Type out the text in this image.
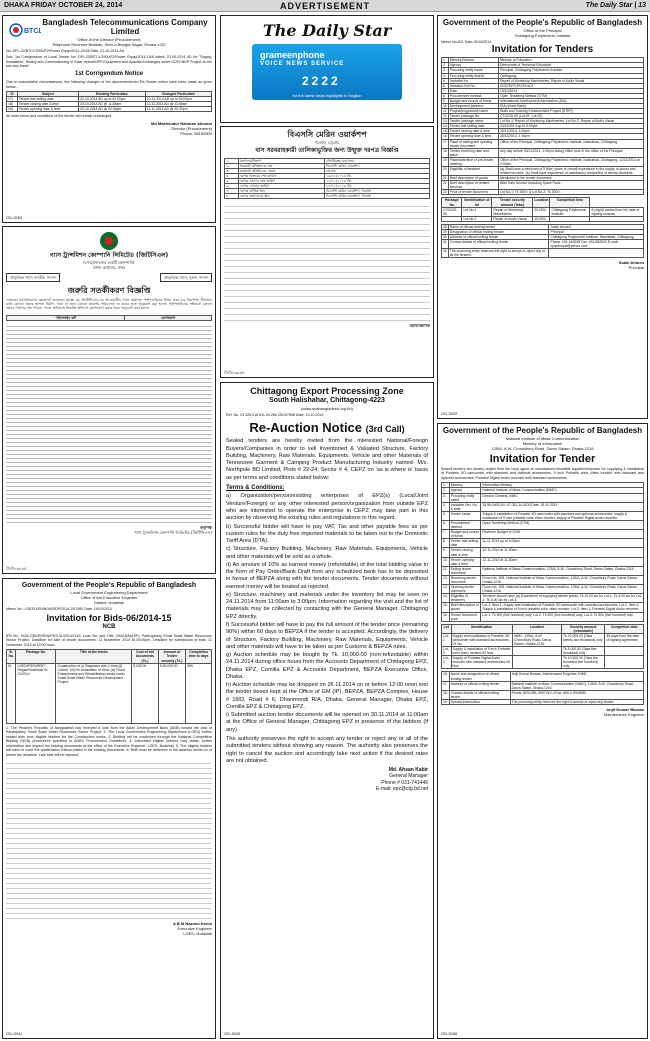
DHAKA FRIDAY OCTOBER 24, 2014	ADVERTISEMENT	The Daily Star | 13
BTCL
Bangladesh Telecommunications Company Limited
Office of the Director (Procurement)
Telephone Revenue Bhaban, Sher-e-Bangla Nagar, Dhaka-1207
No: DPL-02/BTCL/290UFZ/Power Equip/2014-15/34 Date: 21-10-2014 AD
Sub: 1st Corrigendum of Local Tender No: DPL-02/BTCL/290UFZ/Power Equip/2014-15/8 dated: 23-09-2014 AD for "Supply, Installation, Testing and Commissioning of Solar Hybrid/UPS Equipment and Upazilla Exchanges under UOFCNDP Project on full turn-key basis".
1st Corrigendum Notice
Due to unavoidable circumstances, the following changes of the abovementioned Re-Tender notice have been made as given below:-
Sl	Subject	Existing Particulars	Changed Particulars
17)	Tender last selling date	22-10-2014 AD up to 03:00pm	10-11-2014 AD up to 03:00pm
18)	Tender closing date & time	23-10-2014 AD @ 11:45am	11-11-2014 AD @ 11:45am
19)	Tender opening date & time	23-10-2014 AD @ 02:30pm	11-11-2014 AD @ 02:30pm
All other terms and conditions of the tender will remain unchanged.
Md Makhsudur Rahman Akhund
Director (Procurement)
Phone: 58150500
GD-3953
গ্যাস ট্রান্সমিশন কোম্পানি লিমিটেড (জিটিসিএল)
(পেট্রোবাংলার একটি কোম্পানি)
প্রধান কার্যালয়, ঢাকা
প্রাকৃতিক গ্যাস জাতীয় সম্পদ	প্রাকৃতিক গ্যাস, দুর্লভ সম্পদ
জরুরি সতর্কীকরণ বিজ্ঞপ্তি
এতদ্বারা সর্বসাধারণের জ্ঞাতার্থে জানানো যাচ্ছে যে, জিটিসিএল-এর আওতাধীন গ্যাস সঞ্চালন পাইপলাইনের উপর এবং এর নিরাপত্তা সীমানার মধ্যে কোনো প্রকার স্থাপনা নির্মাণ, খনন বা অন্য কোনো কার্যক্রম পরিচালনা না করার জন্য অনুরোধ করা হলো। পাইপলাইনের সন্নিকটে কোনো প্রকার গ্যাসের গন্ধ পাওয়া গেলে অবিলম্বে নিকটস্থ অফিসে যোগাযোগ করার জন্য অনুরোধ করা হলো।
পাইপলাইন রুট	যোগাযোগ
কর্তৃপক্ষ
গ্যাস ট্রান্সমিশন কোম্পানি লিমিটেড (জিটিসিএল)
জিডি-৩৯৪৫
The Daily Star
grameenphone
VOICE NEWS SERVICE
2222
for the latest news highlights in English
বিএসসি মেরিন ওয়ার্কশপ
পতেঙ্গা, চট্টগ্রাম
বাস সরবরাহকারী তালিকাভুক্তির জন্য উন্মুক্ত দরপত্র বিজ্ঞপ্তি
১.	মন্ত্রণালয়/বিভাগ	নৌপরিবহন মন্ত্রণালয়
২.	ক্রয়কারী প্রতিষ্ঠানের নাম	বিএসসি মেরিন ওয়ার্কশপ
৩.	ক্রয়কারী প্রতিষ্ঠানের জেলা	চট্টগ্রাম
৪.	দরপত্র বিক্রয়ের শেষ তারিখ	১৬/১১/২০১৪ খ্রি.
৫.	দরপত্র গ্রহণের শেষ তারিখ	১৭/১১/২০১৪ খ্রি.
৬.	দরপত্র খোলার তারিখ	১৭/১১/২০১৪ খ্রি.
৭.	দরপত্র প্রাপ্তির স্থান	বিএসসি মেরিন ওয়ার্কশপ, পতেঙ্গা
৮.	দরপত্র জমাদানের স্থান	বিএসসি মেরিন ওয়ার্কশপ, পতেঙ্গা
মহাব্যবস্থাপক
জিডি-৩৯৫৫
Government of the People's Republic of Bangladesh
Office of the Principal
Chittagong Polytechnic Institute
Memo No:401 Date:19/10/2014
Invitation for Tenders
1	Ministry/Division	Ministry of Education
2	Agency	Directorate of Technical Education
3	Procuring entity name	Principal, Chittagong Polytechnic Institute
4	Procuring entity district	Chittagong
5	Invitation for	Repair of Workshop Machineries, Repair of Audio Visual
6	Invitation Ref No.	02/STEP/CPI/2014/01
7	Date	19/10/2014
8	Procurement method	Open Tendering Method (OTM)
9	Budget and source of funds	International Development Association (IDA)
10	Development partners	IDA (World Bank)
11	Project/programme name	Skills and Training Enhancement Project (STEP)
12	Tender package No.	CTG/GD-08 (Lot-01, Lot-02)
13	Tender package name	Lot No-1: Repair of Workshop Machineries, Lot No-2: Repair of Audio Visual
14	Tender last selling date	24/11/2014 up to 5:00pm
15	Tender closing date & time	25/11/2014, 1:00pm
16	Tender opening date & time	25/11/2014, 1:15pm
17	Place of selling and opening tender document	Office of the Principal, Chittagong Polytechnic Institute, Nasirabad, Chittagong
18	Tender receiving date and place	Any day before 25/11/2014, 1:00pm during office hour in the office of the Principal
19	Place/date/time of pre-tender meeting	Office of the Principal, Chittagong Polytechnic Institute, Nasirabad, Chittagong, 12/11/2014 at 4:00pm
20	Eligibility of tenderer	(a) Shall have a minimum of 5 (five) years of overall experience in the supply of goods and related services. (b) Shall have experience of satisfactory completion of similar contracts.
21	Brief description of goods	Mentioned in the tender document
22	Brief description of related services	After Sale Service Including Spare Parts
23	Price of tender document	Lot No-1: Tk 300/= & Lot No-2: Tk 300/=
Package No	Identification of lot	Tender security amount (Taka)	Location	Completion time	
CTG/GD-08	Lot No-1	Repair of Workshop Machineries	25,000/-	Chittagong Polytechnic Institute	8 (eight) weeks from the date of signing contract
	Lot No-2	Repair of Audio Visual	10,000/-		
28	Name of official inviting tender	Salah Ahmed
29	Designation of official inviting tender	Principal
30	Address of official inviting tender	Chittagong Polytechnic Institute, Nasirabad, Chittagong
31	Contact details of official inviting tender	Phone: 031-663538 Fax: 031-682520 E-mail: cpiprincipal@yahoo.com
32	The procuring entity reserves the right to accept or reject any or all the tenders.	
Salah Ahmed
Principal
GD-3922
Government of the People's Republic of Bangladesh
Local Government Engineering Department
Office of the Executive Engineer
District: Noakhali
Memo No.: LGED/XEN/NOA/RDP/2014-15/1060 Date: 16/10/2014
Invitation for Bids-06/2014-15
NCB
IFB No.: NOA-GEDP/SEW/PDS-01/2014/1160. Loan No. and Title: 2943-BAN(SF), Participatory Small Scale Water Resources Sector Project. Deadline for sale of tender documents: 11 November 2014 at 05:00pm. Deadline for submission of bids: 11 November 2014 at 12:00 noon.
Sl. No.	Package No.	Title of the works	Cost of bid documents (Tk.)	Amount of Tender security (Tk.)	Completion time in days
01	LGED/PSSWRSP/ Region/Noakhali/ W-01/2014	Construction of (i) Regulator with 4-Vent (ii) Culvert, (iii) Re-excavation of Khal, (iv) Flood Embankment and Rehabilitation works under Small Scale Water Resources Development Project.	5,000.00	3,00,000.00	365
1. The People's Republic of Bangladesh has received a loan from the Asian Development Bank (ADB) toward the cost of Participatory Small Scale Water Resources Sector Project. 2. The Local Government Engineering Department (LGED) invites sealed bids from eligible bidders for the Construction works. 3. Bidding will be conducted through the National Competitive Bidding (NCB) procedures specified in ADB's Procurement Guidelines. 4. Interested eligible bidders may obtain further information and inspect the bidding documents at the office of the Executive Engineer, LGED, Noakhali. 5. The eligible bidders will have to meet the qualification criteria stated in the bidding documents. 6. Bids must be delivered to the address below on or before the deadline. Late bids will be rejected.
A B M Nazmul Karim
Executive Engineer
LGED, Noakhali
GD-3941
Chittagong Export Processing Zone
South Halishahar, Chittagong-4223
(www.epzbangladesh.org.bd)
Ref. No. 03.325.018.811.00.260.2014/7698 Date: 15.10.2014
Re-Auction Notice (3rd Call)
Sealed tenders are hereby invited from the interested National/Foreign Buyers/Companies in order to sell Inventoried & Valuated Structure, Factory Building, Machinery, Raw Materials, Equipments, Vehicle and other Materials of Tennessee Garment & Camping Product Manufacturing Industry named- M/s. Northpole BD Limited, Plots # 22-24, Sector # 4, CEPZ on 'as is where is' basis as per terms and conditions stated below:
Terms & Conditions:
a) Organization/person/existing enterprises of EPZ(s) (Local/Joint Venture/Foreign) or any other interested person/organization from outside EPZ who are interested to operate the enterprise in CEPZ may take part in this auction by observing the existing rules and regulations in this regard.
b) Successful bidder will have to pay VAT, Tax and other payable fees as per custom rules for the duty free imported materials to be taken out to the Domestic Tariff Area (DTA).
c) Structure, Factory Building, Machinery, Raw Materials, Equipments, Vehicle and other materials will be sold as a whole.
d) An amount of 10% as earnest money (refundable) of the total bidding value in the form of Pay Order/Bank Draft from any scheduled bank has to be deposited in favour of BEPZA along with the tender documents. Tender documents without earnest money will be treated as rejected.
e) Structure, machinery and materials under the inventory list may be seen on 24.11.2014 from 11:00am to 3:00pm. Information regarding the visit and the list of materials may be collected by contacting with the General Manager, Chittagong EPZ directly.
f) Successful bidder will have to pay the full amount of the tender price (remaining 90%) within 60 days to BEPZA if the tender is accepted. Accordingly, the delivery of Structure, Factory Building, Machinery, Raw Materials, Equipments, Vehicle and other materials will have to be taken as per Customs & BEPZA rules.
g) Auction schedule may be bought by Tk. 10,000.00 (non-refundable) within 24.11.2014 during office hours from the Accounts Department of Chittagong EPZ, Dhaka EPZ, Comilla EPZ & Accounts Department, BEPZA Executive Office, Dhaka.
h) Auction schedule may be dropped on 26.11.2014 on or before 12:00 noon into the tender boxes kept at the Office of GM (IP), BEPZA, BEPZA Complex, House # 19/D, Road # 6, Dhanmondi R/A, Dhaka, General Manager, Dhaka EPZ, Comilla EPZ & Chittagong EPZ.
i) Submitted auction tender documents will be opened on 30.11.2014 at 11:00am at the Office of General Manager, Chittagong EPZ in presence of the bidders (if any).
The authority preserves the right to accept any tender or reject any or all of the submitted tenders without showing any reason. The authority also preserves the right to cancel the auction and accordingly take next action if the desired rates are not obtained.
Md. Ahsan Kabir
General Manager
Phone # 031-741446
E-mail: epz@ctg.bd.net
GD-3943
Government of the People's Republic of Bangladesh
National Institute of Mass Communication
Ministry of Information
125/A, A.W. Chowdhury Road, Darus Salam, Dhaka-1216
Invitation for Tender
Sealed tenders are hereby invited from the local agent of manufacturer/bonafide suppliers/importer for supplying & installation of Portable XD camcorder with standard and optional accessories, 9 inch Portable color video monitor with standard and optional accessories, Portable Digital Audio recorder with standard accessories.
1.	Ministry	Information Ministry
2.	Agency	National Institute of Mass Communication (NIMC)
3.	Procuring entity name	Director General, NIMC
4.	Invitation Ref. No. & date	15.55.0000.001.07.051.14.4100 Date: 15.10.2014
5.	Tender name	Supply & installation of Portable XD camcorder with standard and optional accessories, supply & installation of 9 inch portable color video monitor, supply of Portable Digital Audio recorder.
6.	Procurement method	Open Tendering Method (OTM)
7.	Budget and source of funds	Revenue Budget of GOB
8.	Tender last selling date	11-11-2014 up to 4:00pm
9.	Tender closing date & time	12-11-2014 at 11:30am
10.	Tender opening date & time	12-11-2014 at 11:30am
11.	Selling tender document	National Institute of Mass Communication, 125/A, A.W. Chowdhury Road, Darus Salam, Dhaka-1216
12.	Receiving tender document	Room No. 305, National Institute of Mass Communication, 125/A, A.W. Chowdhury Road, Darus Salam, Dhaka-1216
13.	Opening tender document	Room No. 305, National Institute of Mass Communication, 125/A, A.W. Chowdhury Road, Darus Salam, Dhaka-1216
14.	Eligibility of tenderers	Tenderer should have (a) Experience of supplying similar goods; Tk 12.00 lac for Lot-1, Tk 4.00 lac for Lot-2, Tk 3.00 lac for Lot-3.
15.	Brief description of goods	Lot-1: Item-1: Supply and installation of Portable XD camcorder with standard accessories. Lot-2: Item-1: Supply & installation of 9 inch portable color video monitor. Lot-3: Item-1: Portable Digital Audio recorder.
16.	Tender document price	Lot-1: Tk 500 (five hundred) only; Lot-2: Tk 500 (five hundred) only; Lot-3: Tk 500 (five hundred) only
Lot	Identification	Location	Security amount (refundable)	Completion date
Lot-1	Supply and installation of Portable XD camcorder with standard accessories-03 No.	NIMC, 125/A, A.W. Chowdhury Road, Darus Salam, Dhaka-1216	Tk 22,000.00 (Taka twenty-two thousand) only	45 days from the date of signing agreement
Lot-2	Supply & installation of 9 inch Portable color video monitor-02 Nos.		Tk 5,000.00 (Taka five thousand) only	
Lot-3	Supply of Portable Digital Audio recorder with standard accessories-06 Nos.		Tk 10,500.00 (Taka ten thousand five hundred) only	
18.	Name and designation of official inviting tender	Anjit Kumar Biswas, Maintenance Engineer, NIMC
17.	Address of official inviting tender	National Institute of Mass Communication (NIMC), 125/A, A.W. Chowdhury Road, Darus Salam, Dhaka-1216
18.	Contact details of official inviting tender	Phone: 8031085, 9007410-4 Fax: 880-2-9003080
19.	Special instructions	The procuring entity reserves the right to accept or reject any tender.
Anjit Kumar Biswas
Maintenance Engineer
GD-3938
